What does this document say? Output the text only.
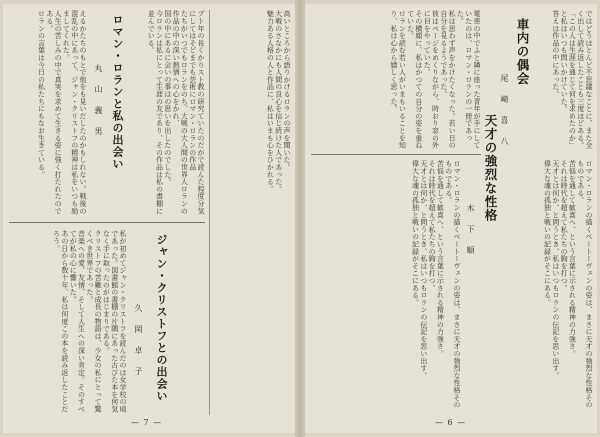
えるかたちのもとで他をも見いだしたのかもしれない。戦後の混乱の中にあって、ジャン・クリストフの精神は私をいつも励ましてくれた。
人生の苦しみの中で真実を求めて生きる姿に強く打たれたのである。
ロランの言葉は今日の私たちにもなお生きている。	丸 山 義 男 ロマン・ロランと私の出会い	プト年の長くかりスト教の研究ていたのだがで読んた程度分気にしてはそどまでも芸術にロマン・ロランの作品
たちがいつでもロランをのち、大戦の大人間の世界人ロランの作品の中の深い熱情への心をかれ、
国の中にあるに会いの事はの思いを出したのでした。
今ロランは私にとって生涯の友であり、その作品は私の書棚に並んでいる。
私が初めてジャン・クリストフを読んだのは女学校の頃であった。図書館の書棚の片隅にあった古びた本を何気なく手に取ったのがはじまりである。
クリストフの苦難と成長の物語は、少女の私にとって驚くべき世界であった。
音楽への愛、友情、そして人生への深い肯定。そのすべてが私の心に響いた。
あの日から数十年、私は何度この本を読み返したことだろう。
久 岡 卓 子 ジャン・クリストフとの出会い
高いところから語りかけるロランの声を聞いた。
大戦のさなかにも人間の良心を信じ続けた人であった。
魅力ある人格の人と作品に、私はいまも心をひかれる。
— 7 —
ロマン・ロランの描くベートーヴェンの姿は、まさに天才の強烈な性格そのものである。
苦悩を通して歓喜へ、という言葉に示される精神の力強さ。
それは時代を超えて私たちの胸を打つ。
天才とは何か、と問うとき、私はいつもロランの伝記を思い出す。
偉大な魂の孤独と戦いの記録がそこにある。	木 下 順
天才の強烈な性格
電車の中でふと隣に座った青年が手にしていたのは、ロマン・ロランの一冊であった。
私は思わず声をかけたくなった。若い日の自分を見るようであった。
彼はページをめくりながら、時おり窓の外に目をやっていた。
その横顔に、私はかつての自分の姿を重ねていた。
ロランを読む若い人がいまもいることを知り、私は心から嬉しく思った。	尾 崎 喜 八
車内の偶会	ではどうほとんど不思議なことに、また全く出して読み返したことも三度ほどある。
「この人は生涯を通じて何を求めたのか」と私はいつも問いかけていた。
答えは作品の中にあった。
ロマン・ロランの描くベートーヴェンの姿は、まさに天才の強烈な性格そのものである。
苦悩を通して歓喜へ、という言葉に示される精神の力強さ。
それは時代を超えて私たちの胸を打つ。
天才とは何か、と問うとき、私はいつもロランの伝記を思い出す。
偉大な魂の孤独と戦いの記録がそこにある。
— 6 —
